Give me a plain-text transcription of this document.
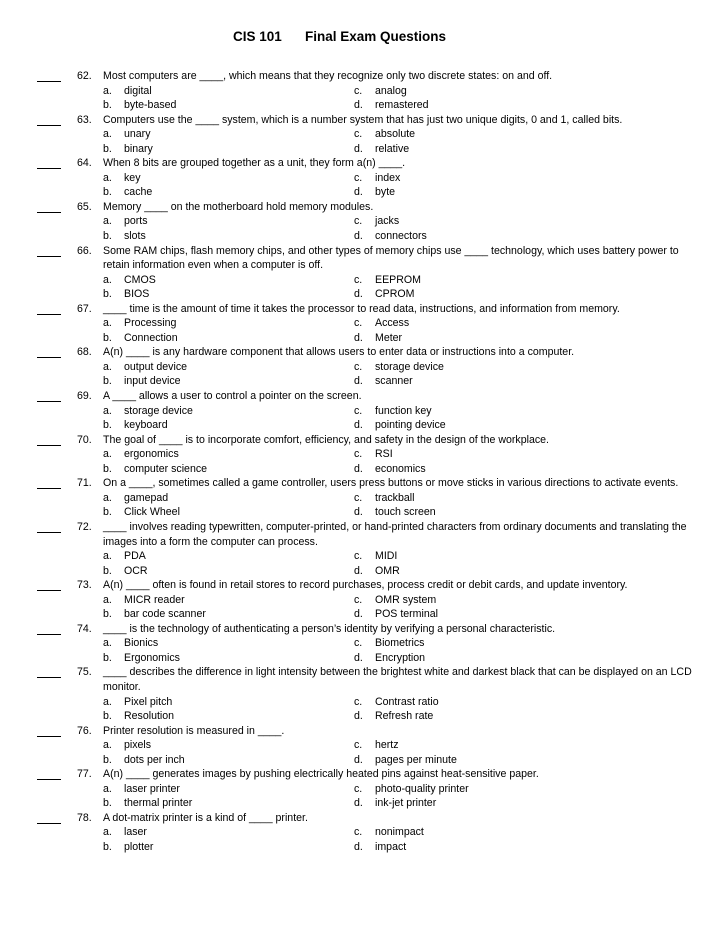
CIS 101 Final Exam Questions
62. Most computers are ____, which means that they recognize only two discrete states: on and off.
a. digital	c. analog
b. byte-based	d. remastered
63. Computers use the ____ system, which is a number system that has just two unique digits, 0 and 1, called bits.
a. unary	c. absolute
b. binary	d. relative
64. When 8 bits are grouped together as a unit, they form a(n) ____.
a. key	c. index
b. cache	d. byte
65. Memory ____ on the motherboard hold memory modules.
a. ports	c. jacks
b. slots	d. connectors
66. Some RAM chips, flash memory chips, and other types of memory chips use ____ technology, which uses battery power to retain information even when a computer is off.
a. CMOS	c. EEPROM
b. BIOS	d. CPROM
67. ____ time is the amount of time it takes the processor to read data, instructions, and information from memory.
a. Processing	c. Access
b. Connection	d. Meter
68. A(n) ____ is any hardware component that allows users to enter data or instructions into a computer.
a. output device	c. storage device
b. input device	d. scanner
69. A ____ allows a user to control a pointer on the screen.
a. storage device	c. function key
b. keyboard	d. pointing device
70. The goal of ____ is to incorporate comfort, efficiency, and safety in the design of the workplace.
a. ergonomics	c. RSI
b. computer science	d. economics
71. On a ____, sometimes called a game controller, users press buttons or move sticks in various directions to activate events.
a. gamepad	c. trackball
b. Click Wheel	d. touch screen
72. ____ involves reading typewritten, computer-printed, or hand-printed characters from ordinary documents and translating the images into a form the computer can process.
a. PDA	c. MIDI
b. OCR	d. OMR
73. A(n) ____ often is found in retail stores to record purchases, process credit or debit cards, and update inventory.
a. MICR reader	c. OMR system
b. bar code scanner	d. POS terminal
74. ____ is the technology of authenticating a person’s identity by verifying a personal characteristic.
a. Bionics	c. Biometrics
b. Ergonomics	d. Encryption
75. ____ describes the difference in light intensity between the brightest white and darkest black that can be displayed on an LCD monitor.
a. Pixel pitch	c. Contrast ratio
b. Resolution	d. Refresh rate
76. Printer resolution is measured in ____.
a. pixels	c. hertz
b. dots per inch	d. pages per minute
77. A(n) ____ generates images by pushing electrically heated pins against heat-sensitive paper.
a. laser printer	c. photo-quality printer
b. thermal printer	d. ink-jet printer
78. A dot-matrix printer is a kind of ____ printer.
a. laser	c. nonimpact
b. plotter	d. impact
